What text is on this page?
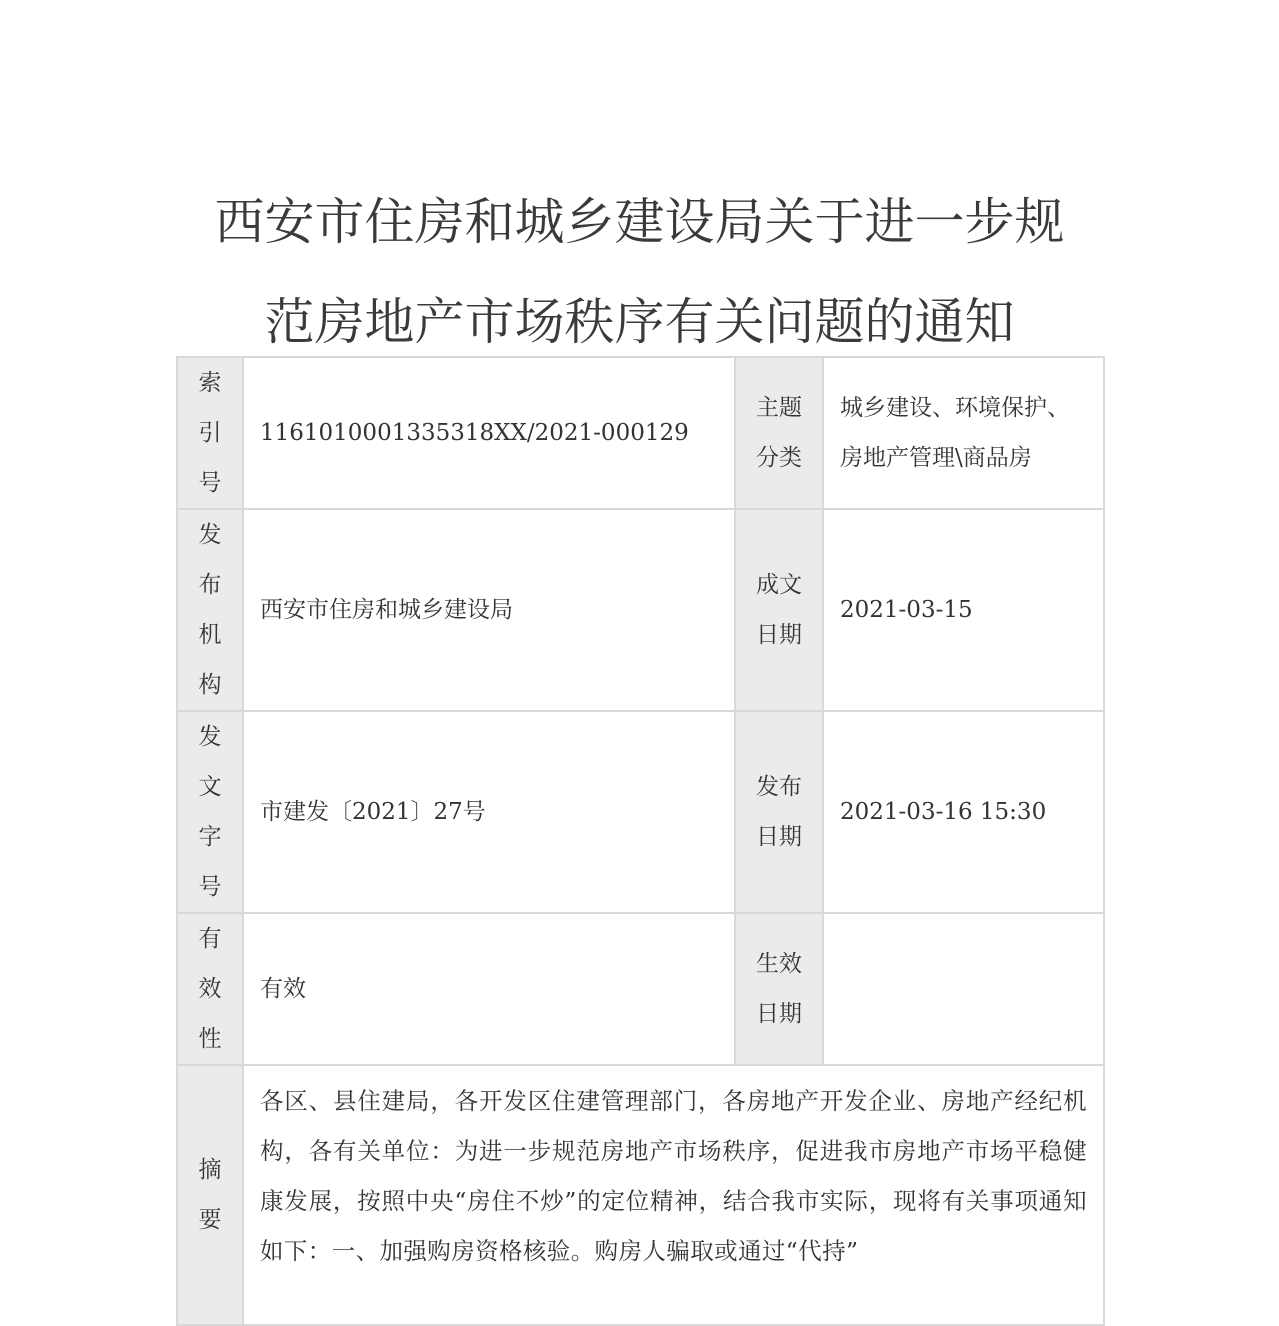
西安市住房和城乡建设局关于进一步规
范房地产市场秩序有关问题的通知
索引号	1161010001335318XX/2021-000129	主题分类	城乡建设、环境保护、房地产管理\商品房

发布机构	西安市住房和城乡建设局	成文日期	2021-03-15

发文字号	市建发〔2021〕27号	发布日期	2021-03-16 15:30

有效性	有效	生效日期	

摘要	各区、县住建局，各开发区住建管理部门，各房地产开发企业、房地产经纪机构，各有关单位：为进一步规范房地产市场秩序，促进我市房地产市场平稳健康发展，按照中央“房住不炒”的定位精神，结合我市实际，现将有关事项通知如下：一、加强购房资格核验。购房人骗取或通过“代持”		
